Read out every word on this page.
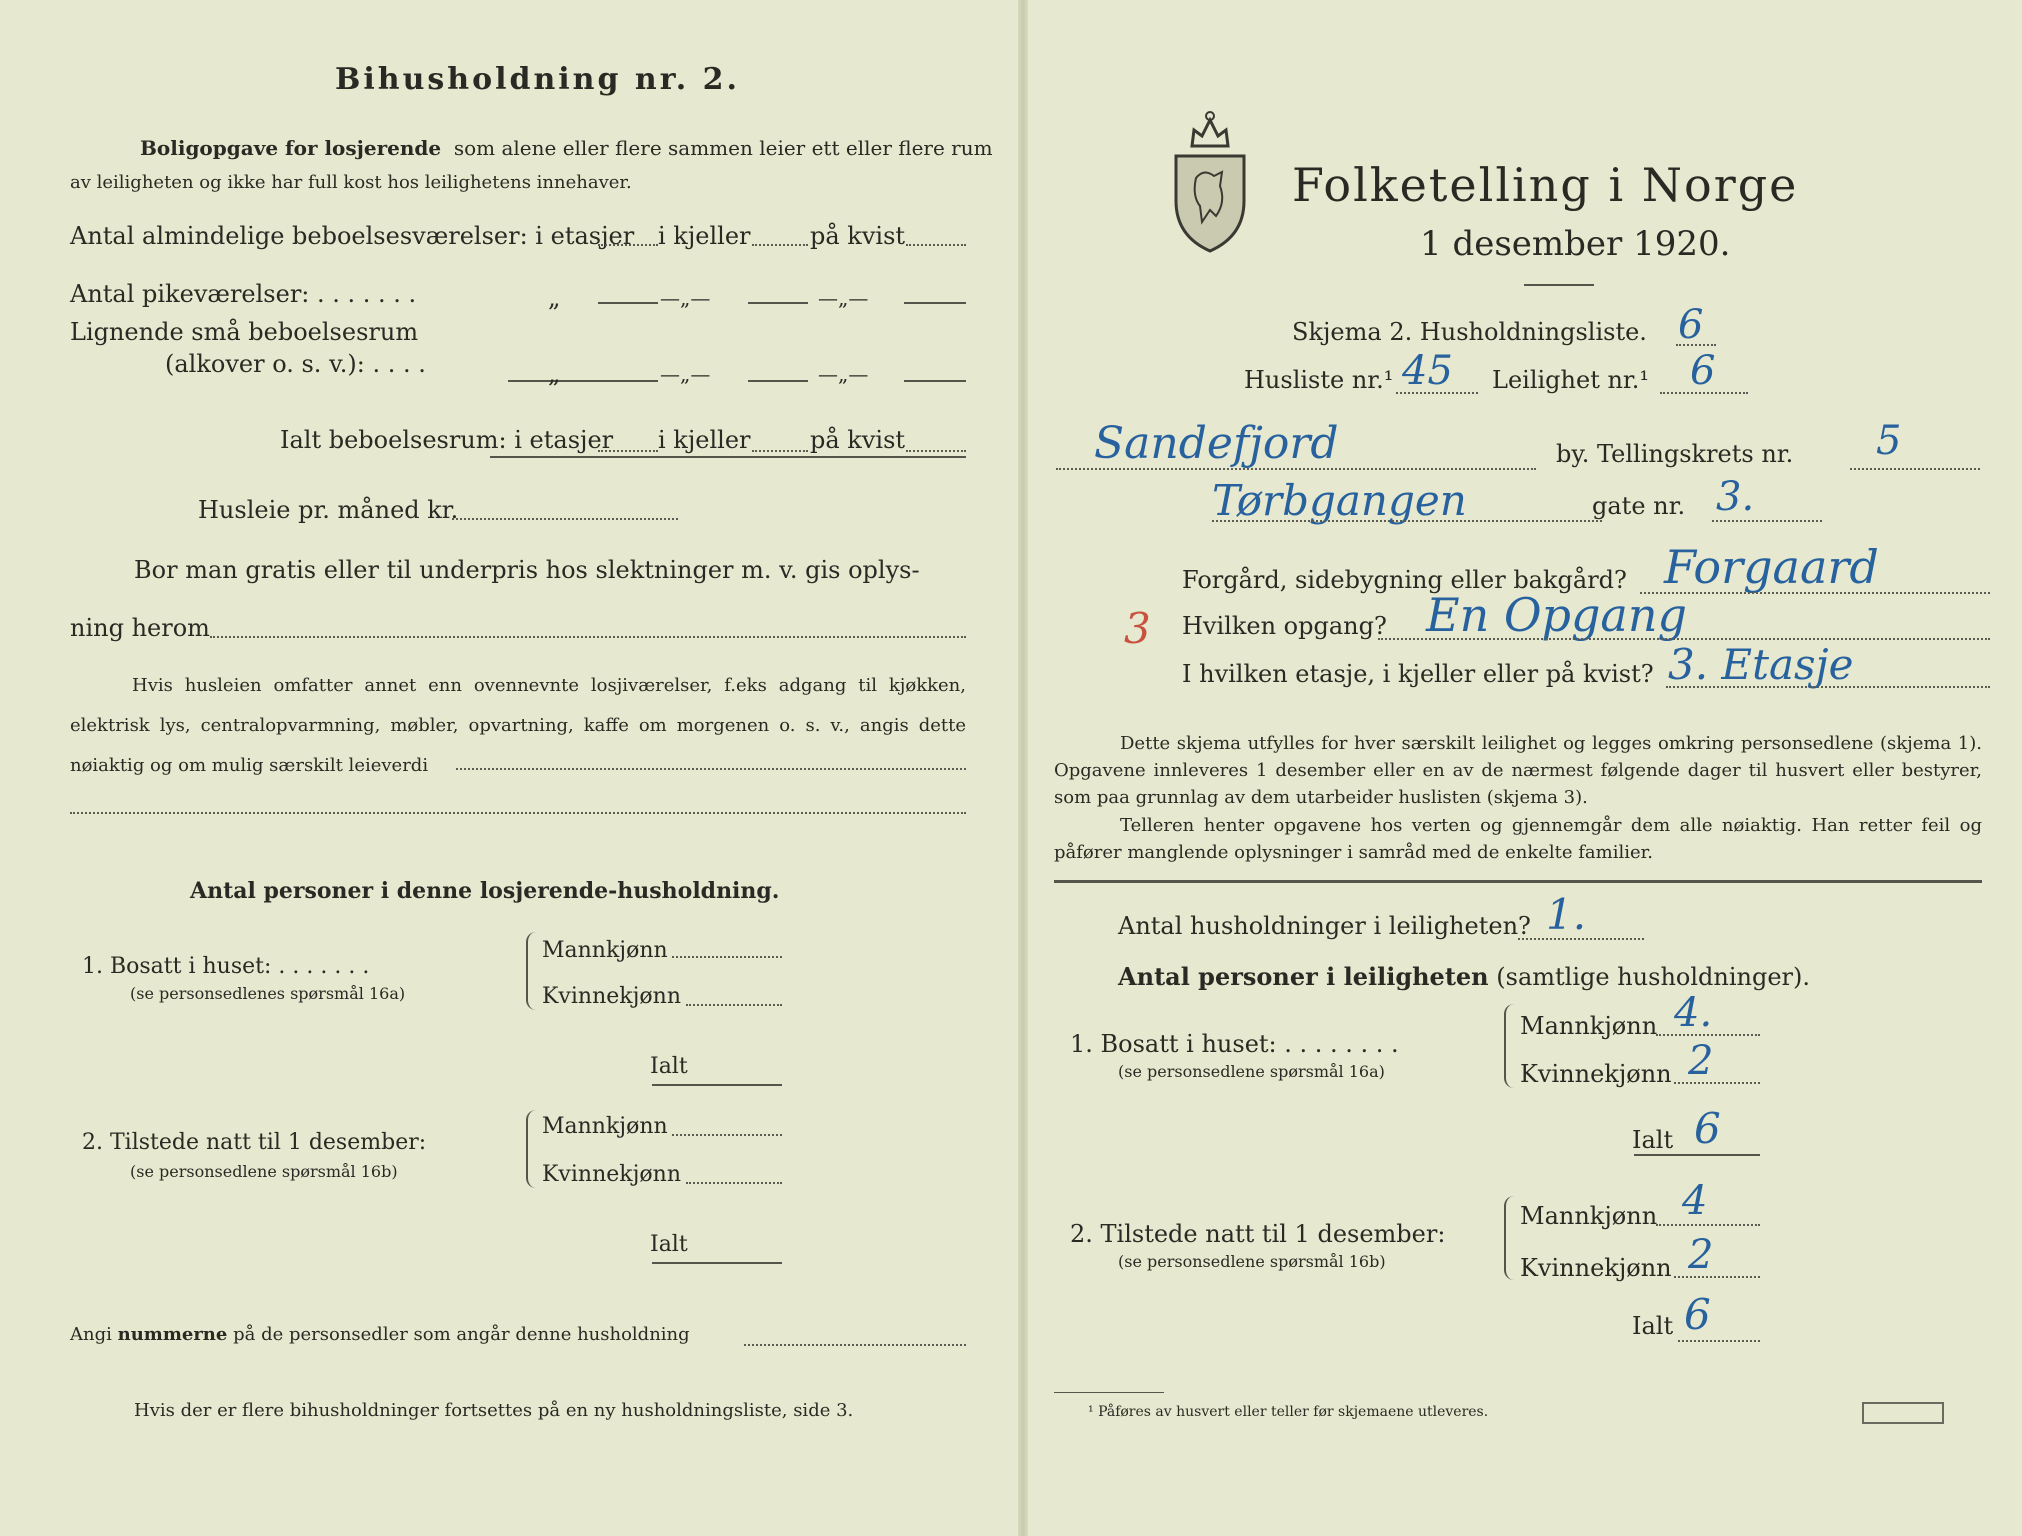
Bihusholdning nr. 2.
Boligopgave for losjerende som alene eller flere sammen leier ett eller flere rum
av leiligheten og ikke har full kost hos leilighetens innehaver.
Antal almindelige beboelsesværelser: i etasjer i kjeller på kvist
Antal pikeværelser: . . . . . . .	„	—„—	—„—
Lignende små beboelsesrum
(alkover o. s. v.): . . . .	„	—„—	—„—
Ialt beboelsesrum: i etasjer i kjeller på kvist
Husleie pr. måned kr.
Bor man gratis eller til underpris hos slektninger m. v. gis oplys-
ning herom
Hvis husleien omfatter annet enn ovennevnte losjiværelser, f.eks adgang til kjøkken, elektrisk lys, centralopvarmning, møbler, opvartning, kaffe om morgenen o. s. v., angis dette nøiaktig og om mulig særskilt leieverdi
Antal personer i denne losjerende-husholdning.
1. Bosatt i huset: . . . . . . .
(se personsedlenes spørsmål 16a)
Mannkjønn
Kvinnekjønn
Ialt
2. Tilstede natt til 1 desember:
(se personsedlene spørsmål 16b)
Mannkjønn
Kvinnekjønn
Ialt
Angi nummerne på de personsedler som angår denne husholdning
Hvis der er flere bihusholdninger fortsettes på en ny husholdningsliste, side 3.
Folketelling i Norge
1 desember 1920.
Skjema 2. Husholdningsliste. 6
Husliste nr.¹ 45 Leilighet nr.¹ 6
Sandefjord	by. Tellingskrets nr. 5
Tørbgangen	gate nr. 3.
Forgård, sidebygning eller bakgård? Forgaard
3 Hvilken opgang? En Opgang
I hvilken etasje, i kjeller eller på kvist? 3. Etasje
Dette skjema utfylles for hver særskilt leilighet og legges omkring personsedlene (skjema 1). Opgavene innleveres 1 desember eller en av de nærmest følgende dager til husvert eller bestyrer, som paa grunnlag av dem utarbeider huslisten (skjema 3).
Telleren henter opgavene hos verten og gjennemgår dem alle nøiaktig. Han retter feil og påfører manglende oplysninger i samråd med de enkelte familier.
Antal husholdninger i leiligheten? 1.
Antal personer i leiligheten (samtlige husholdninger).
1. Bosatt i huset: . . . . . . . .
(se personsedlene spørsmål 16a)
Mannkjønn 4.
Kvinnekjønn 2
Ialt 6
2. Tilstede natt til 1 desember:
(se personsedlene spørsmål 16b)
Mannkjønn 4
Kvinnekjønn 2
Ialt 6
¹ Påføres av husvert eller teller før skjemaene utleveres.
